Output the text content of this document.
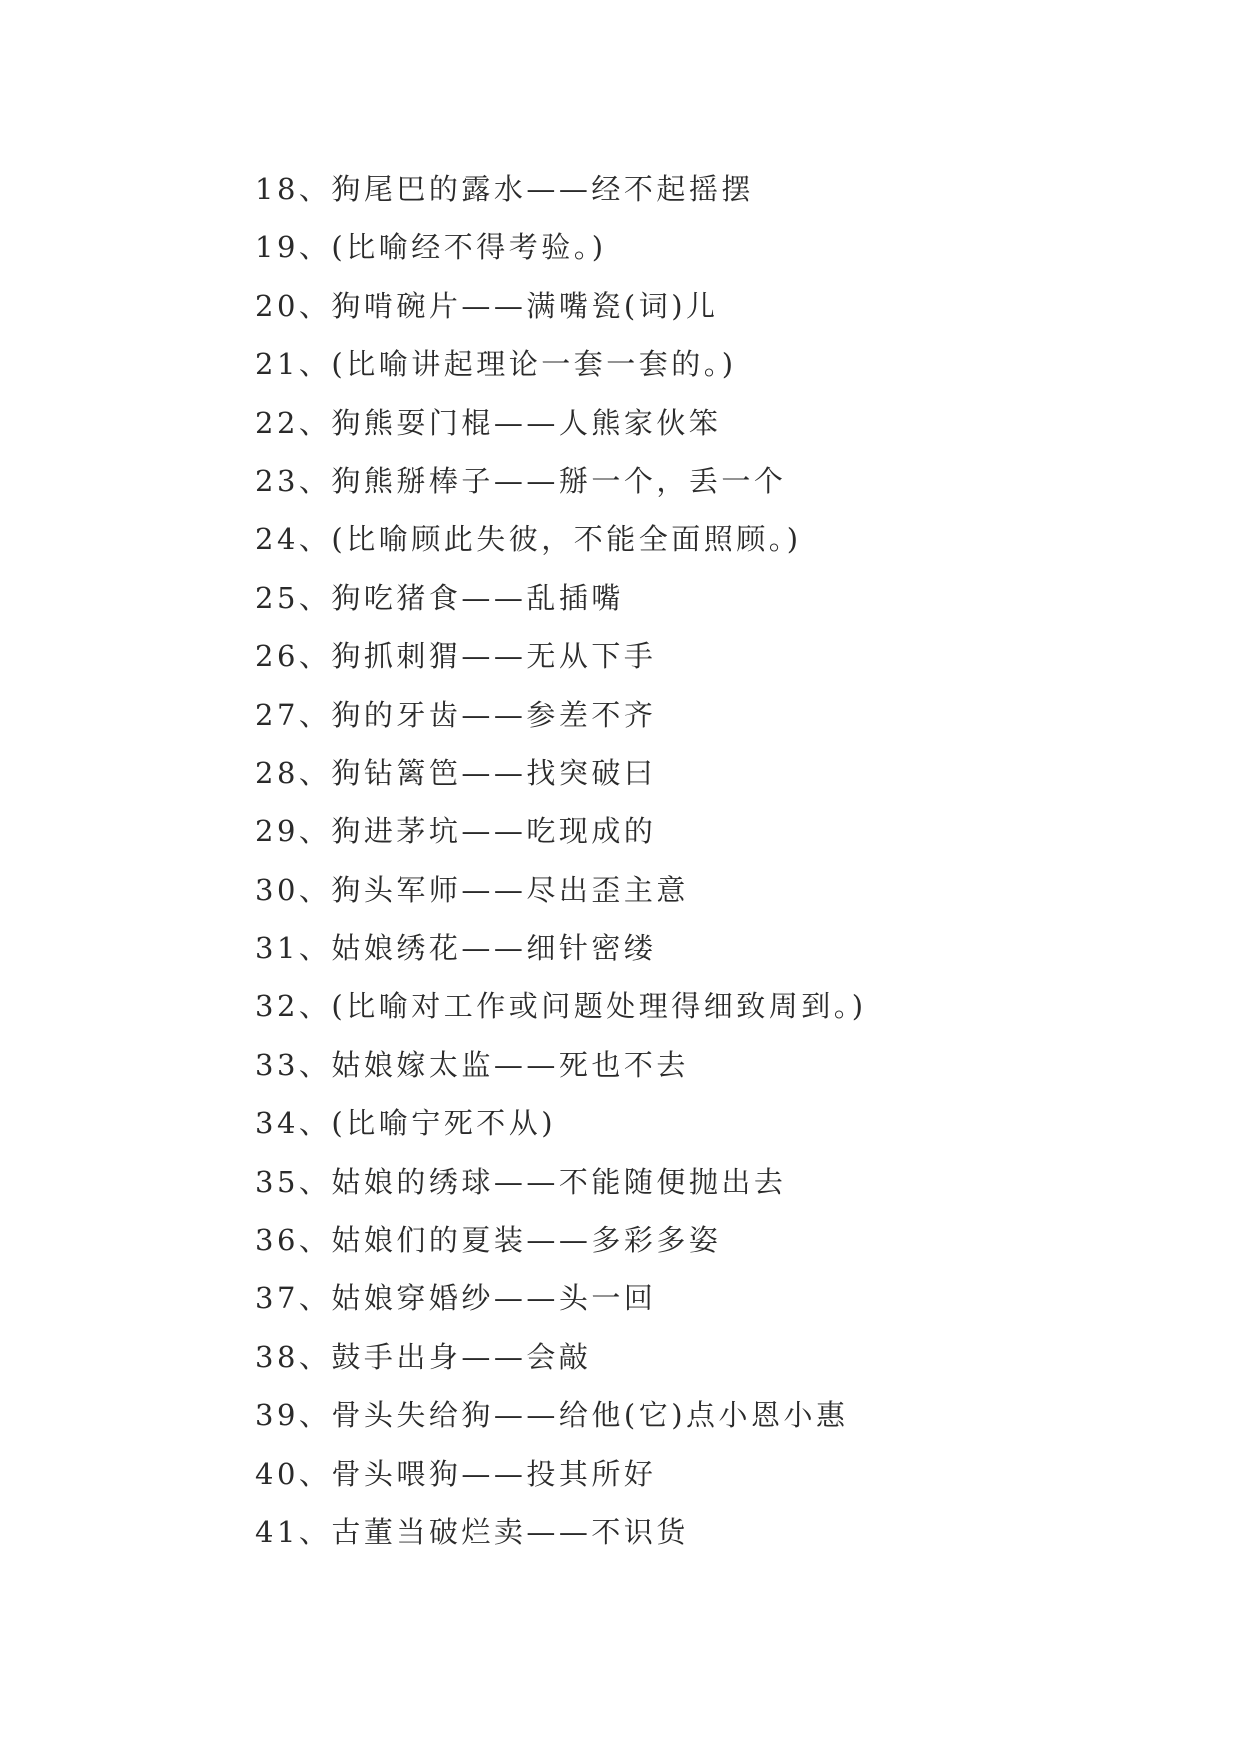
18、狗尾巴的露水——经不起摇摆
19、(比喻经不得考验。)
20、狗啃碗片——满嘴瓷(词)儿
21、(比喻讲起理论一套一套的。)
22、狗熊耍门棍——人熊家伙笨
23、狗熊掰棒子——掰一个，丢一个
24、(比喻顾此失彼，不能全面照顾。)
25、狗吃猪食——乱插嘴
26、狗抓刺猬——无从下手
27、狗的牙齿——参差不齐
28、狗钻篱笆——找突破曰
29、狗进茅坑——吃现成的
30、狗头军师——尽出歪主意
31、姑娘绣花——细针密缕
32、(比喻对工作或问题处理得细致周到。)
33、姑娘嫁太监——死也不去
34、(比喻宁死不从)
35、姑娘的绣球——不能随便抛出去
36、姑娘们的夏装——多彩多姿
37、姑娘穿婚纱——头一回
38、鼓手出身——会敲
39、骨头失给狗——给他(它)点小恩小惠
40、骨头喂狗——投其所好
41、古董当破烂卖——不识货
